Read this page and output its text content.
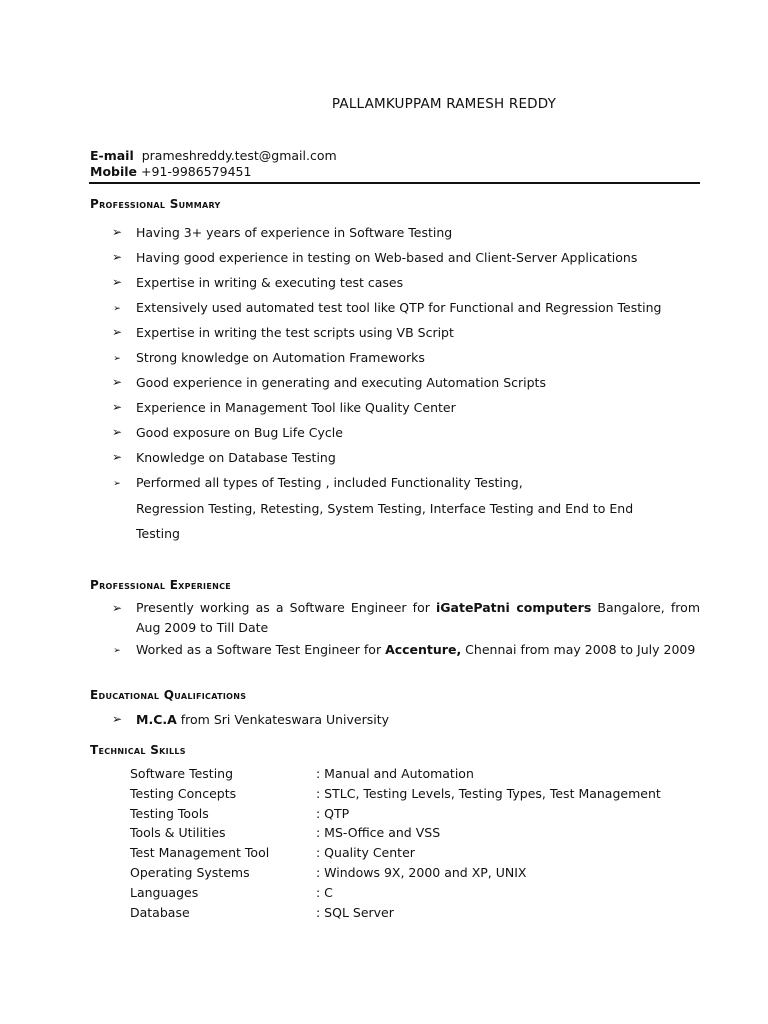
PALLAMKUPPAM RAMESH REDDY
E-mail prameshreddy.test@gmail.com
Mobile +91-9986579451
Professional Summary
➢ Having 3+ years of experience in Software Testing
➢ Having good experience in testing on Web-based and Client-Server Applications
➢ Expertise in writing & executing test cases
➢ Extensively used automated test tool like QTP for Functional and Regression Testing
➢ Expertise in writing the test scripts using VB Script
➢ Strong knowledge on Automation Frameworks
➢ Good experience in generating and executing Automation Scripts
➢ Experience in Management Tool like Quality Center
➢ Good exposure on Bug Life Cycle
➢ Knowledge on Database Testing
➢ Performed all types of Testing , included Functionality Testing,
Regression Testing, Retesting, System Testing, Interface Testing and End to End
Testing
Professional Experience
➢ Presently working as a Software Engineer for iGatePatni computers Bangalore, from Aug 2009 to Till Date
➢ Worked as a Software Test Engineer for Accenture, Chennai from may 2008 to July 2009
Educational Qualifications
➢ M.C.A from Sri Venkateswara University
Technical Skills
Software Testing	: Manual and Automation
Testing Concepts	: STLC, Testing Levels, Testing Types, Test Management
Testing Tools	: QTP
Tools & Utilities	: MS-Office and VSS
Test Management Tool	: Quality Center
Operating Systems	: Windows 9X, 2000 and XP, UNIX
Languages	: C
Database	: SQL Server
